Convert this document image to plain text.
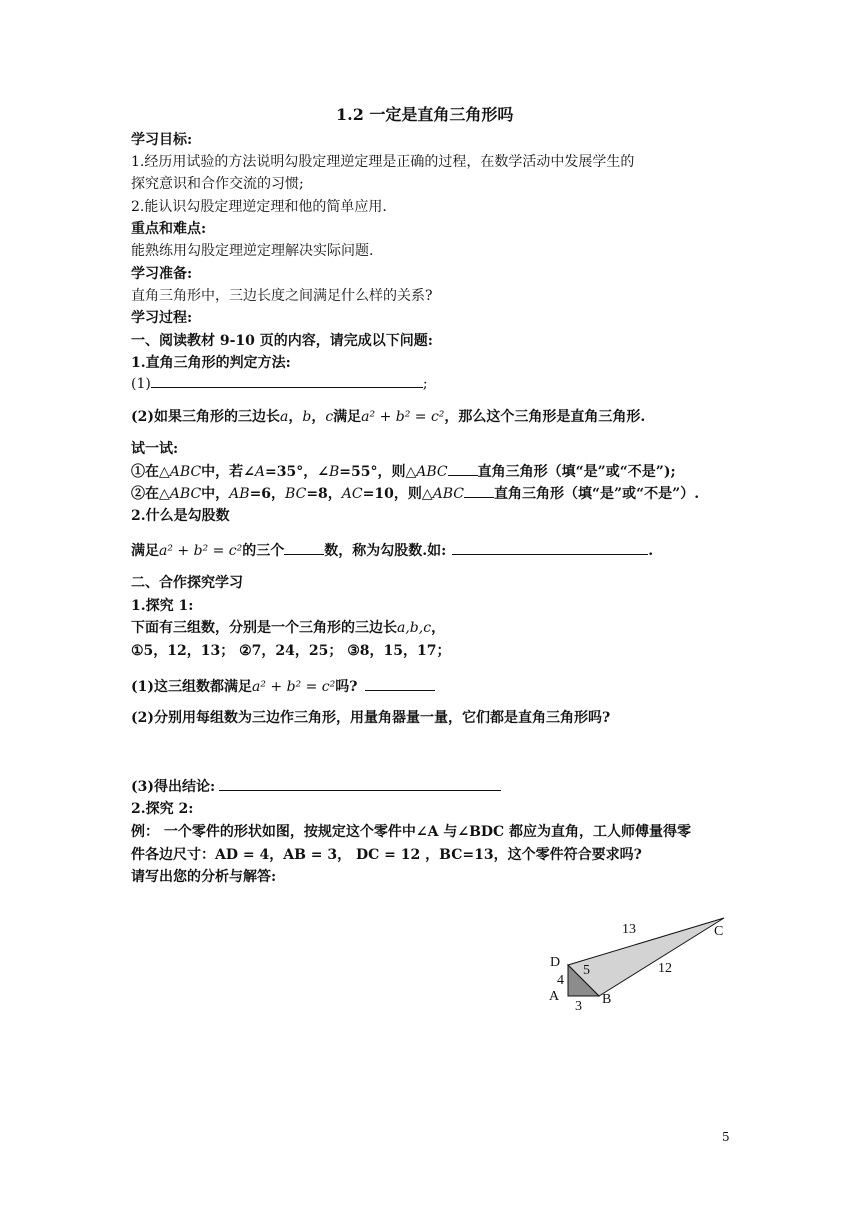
1.2 一定是直角三角形吗
学习目标:
1.经历用试验的方法说明勾股定理逆定理是正确的过程，在数学活动中发展学生的
探究意识和合作交流的习惯;
2.能认识勾股定理逆定理和他的简单应用.
重点和难点:
能熟练用勾股定理逆定理解决实际问题.
学习准备:
直角三角形中，三边长度之间满足什么样的关系?
学习过程:
一、阅读教材 9-10 页的内容，请完成以下问题:
1.直角三角形的判定方法:
(1)	;
(2)如果三角形的三边长a，b，c满足a² + b² = c²，那么这个三角形是直角三角形.
试一试:
①在△ABC中，若∠A=35°，∠B=55°，则△ABC 直角三角形（填“是”或“不是”);
②在△ABC中，AB=6，BC=8，AC=10，则△ABC 直角三角形（填“是”或“不是”）.
2.什么是勾股数
满足a² + b² = c²的三个	数，称为勾股数.如:	.
二、合作探究学习
1.探究 1:
下面有三组数，分别是一个三角形的三边长a,b,c，
①5，12，13； ②7，24，25； ③8，15，17；
(1)这三组数都满足a² + b² = c²吗?
(2)分别用每组数为三边作三角形，用量角器量一量，它们都是直角三角形吗?
(3)得出结论:
2.探究 2:
例： 一个零件的形状如图，按规定这个零件中∠A 与∠BDC 都应为直角，工人师傅量得零
件各边尺寸：AD = 4，AB = 3， DC = 12 ，BC=13，这个零件符合要求吗?
请写出您的分析与解答:
C
D
A	B
13
12
5
4
3
5
